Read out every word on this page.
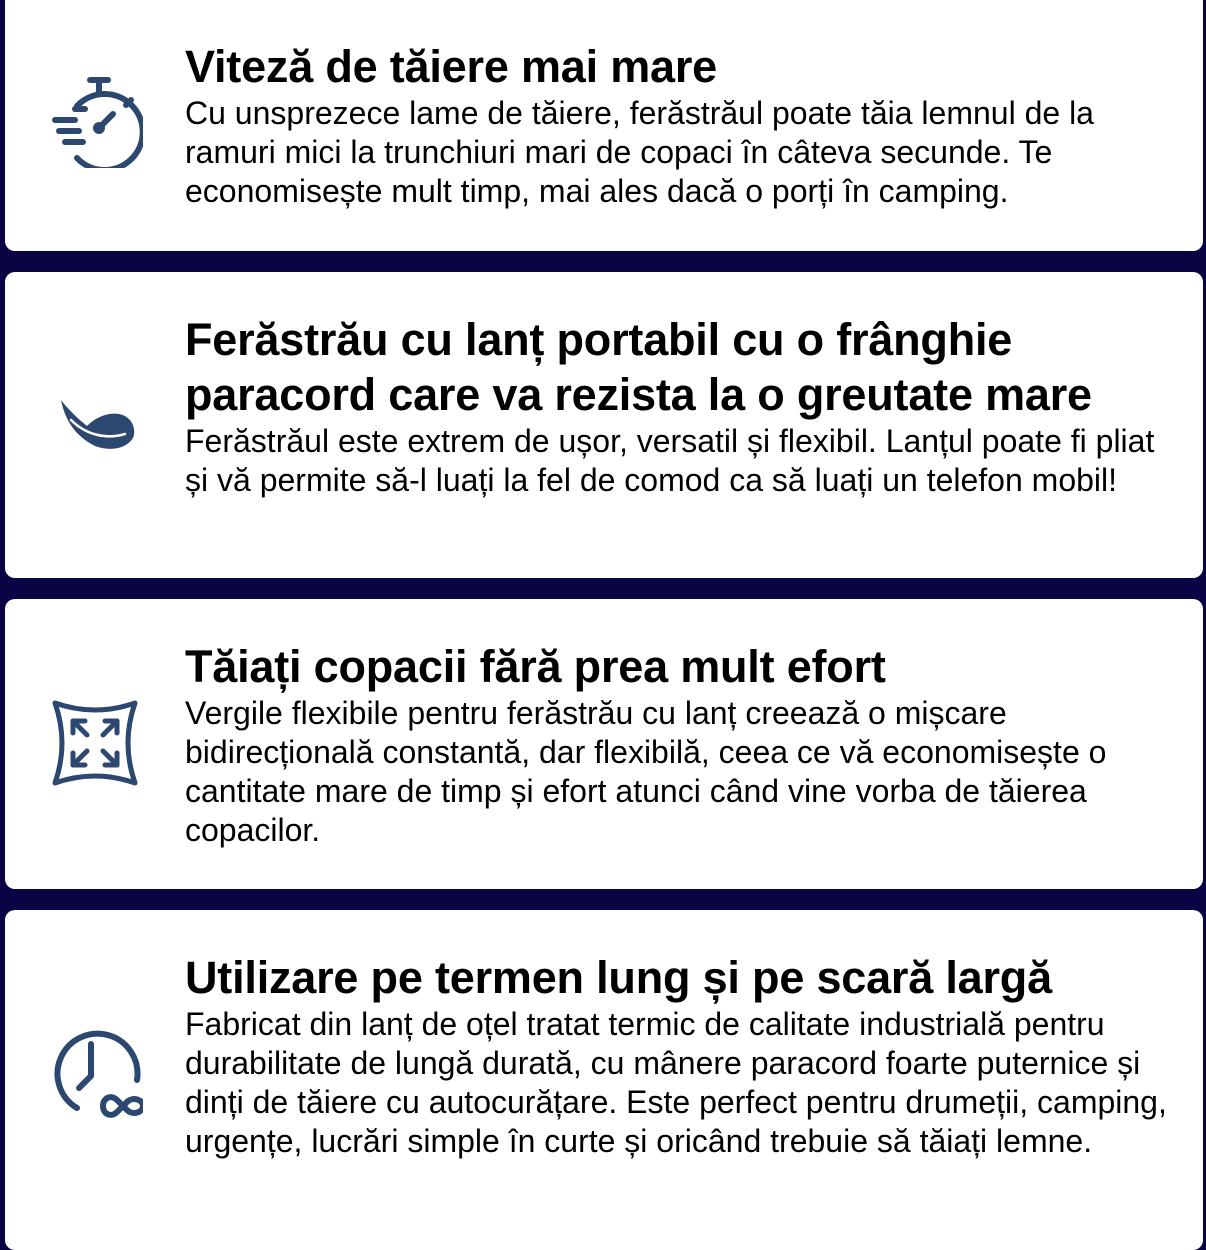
Viteză de tăiere mai mare

Cu unsprezece lame de tăiere, ferăstrăul poate tăia lemnul de la ramuri mici la trunchiuri mari de copaci în câteva secunde. Te economisește mult timp, mai ales dacă o porți în camping.

Ferăstrău cu lanț portabil cu o frânghie paracord care va rezista la o greutate mare

Ferăstrăul este extrem de ușor, versatil și flexibil. Lanțul poate fi pliat și vă permite să-l luați la fel de comod ca să luați un telefon mobil!

Tăiați copacii fără prea mult efort

Vergile flexibile pentru ferăstrău cu lanț creează o mișcare bidirecțională constantă, dar flexibilă, ceea ce vă economisește o cantitate mare de timp și efort atunci când vine vorba de tăierea copacilor.

Utilizare pe termen lung și pe scară largă

Fabricat din lanț de oțel tratat termic de calitate industrială pentru durabilitate de lungă durată, cu mânere paracord foarte puternice și dinți de tăiere cu autocurățare. Este perfect pentru drumeții, camping, urgențe, lucrări simple în curte și oricând trebuie să tăiați lemne.
